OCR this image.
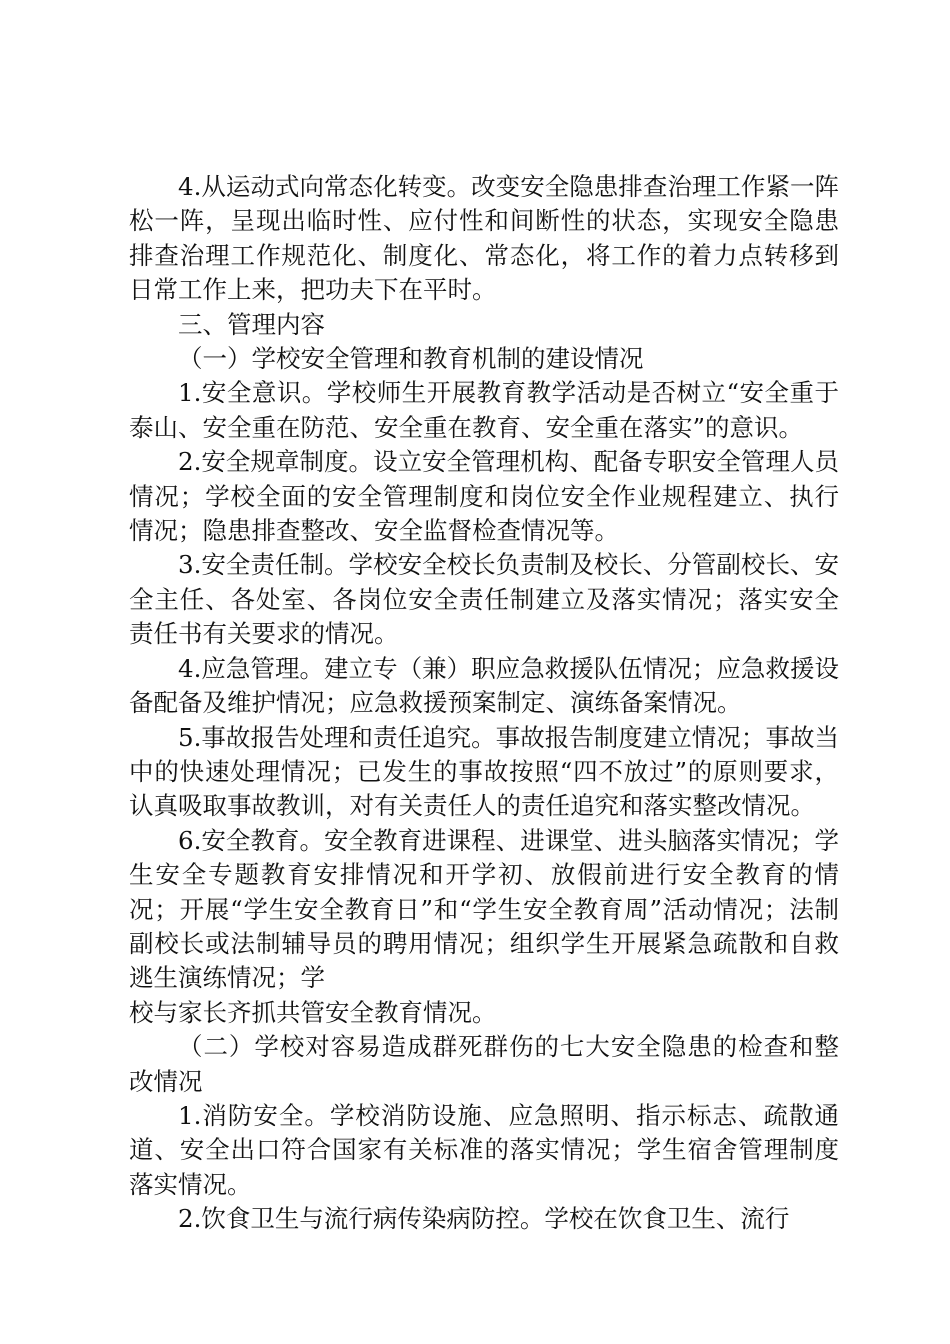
4.从运动式向常态化转变。改变安全隐患排查治理工作紧一阵松一阵，呈现出临时性、应付性和间断性的状态，实现安全隐患排查治理工作规范化、制度化、常态化，将工作的着力点转移到日常工作上来，把功夫下在平时。

三、管理内容

（一）学校安全管理和教育机制的建设情况

1.安全意识。学校师生开展教育教学活动是否树立“安全重于泰山、安全重在防范、安全重在教育、安全重在落实”的意识。

2.安全规章制度。设立安全管理机构、配备专职安全管理人员情况；学校全面的安全管理制度和岗位安全作业规程建立、执行情况；隐患排查整改、安全监督检查情况等。

3.安全责任制。学校安全校长负责制及校长、分管副校长、安全主任、各处室、各岗位安全责任制建立及落实情况；落实安全责任书有关要求的情况。

4.应急管理。建立专（兼）职应急救援队伍情况；应急救援设备配备及维护情况；应急救援预案制定、演练备案情况。

5.事故报告处理和责任追究。事故报告制度建立情况；事故当中的快速处理情况；已发生的事故按照“四不放过”的原则要求，认真吸取事故教训，对有关责任人的责任追究和落实整改情况。

6.安全教育。安全教育进课程、进课堂、进头脑落实情况；学生安全专题教育安排情况和开学初、放假前进行安全教育的情况；开展“学生安全教育日”和“学生安全教育周”活动情况；法制副校长或法制辅导员的聘用情况；组织学生开展紧急疏散和自救逃生演练情况；学

校与家长齐抓共管安全教育情况。

（二）学校对容易造成群死群伤的七大安全隐患的检查和整改情况

1.消防安全。学校消防设施、应急照明、指示标志、疏散通道、安全出口符合国家有关标准的落实情况；学生宿舍管理制度落实情况。

2.饮食卫生与流行病传染病防控。学校在饮食卫生、流行
